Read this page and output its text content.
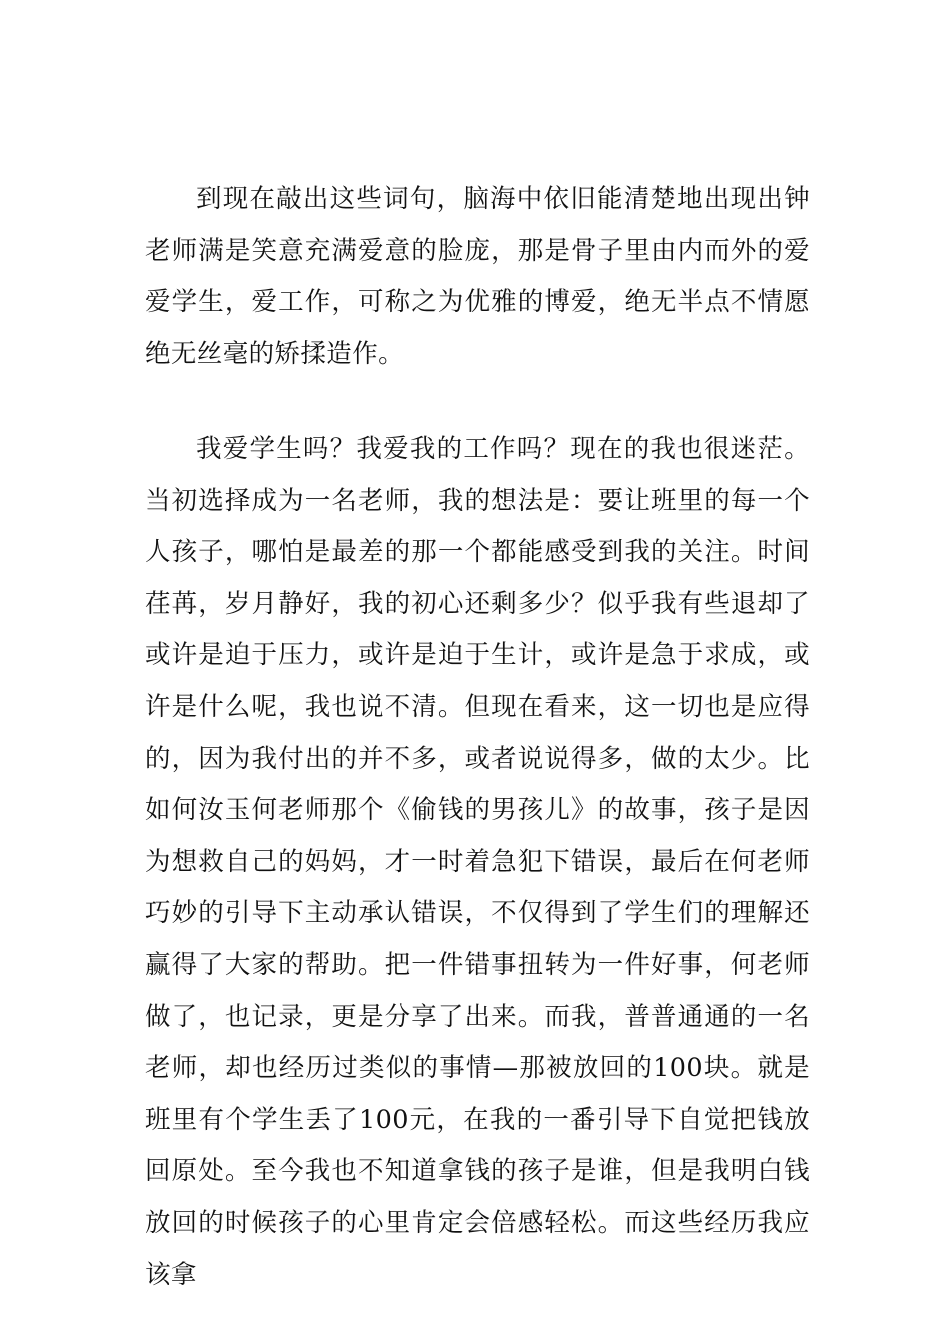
到现在敲出这些词句，脑海中依旧能清楚地出现出钟老师满是笑意充满爱意的脸庞，那是骨子里由内而外的爱爱学生，爱工作，可称之为优雅的博爱，绝无半点不情愿绝无丝毫的矫揉造作。

我爱学生吗？我爱我的工作吗？现在的我也很迷茫。当初选择成为一名老师，我的想法是：要让班里的每一个人孩子，哪怕是最差的那一个都能感受到我的关注。时间荏苒，岁月静好，我的初心还剩多少？似乎我有些退却了或许是迫于压力，或许是迫于生计，或许是急于求成，或许是什么呢，我也说不清。但现在看来，这一切也是应得的，因为我付出的并不多，或者说说得多，做的太少。比如何汝玉何老师那个《偷钱的男孩儿》的故事，孩子是因为想救自己的妈妈，才一时着急犯下错误，最后在何老师巧妙的引导下主动承认错误，不仅得到了学生们的理解还赢得了大家的帮助。把一件错事扭转为一件好事，何老师做了，也记录，更是分享了出来。而我，普普通通的一名老师，却也经历过类似的事情—那被放回的100块。就是班里有个学生丢了100元，在我的一番引导下自觉把钱放回原处。至今我也不知道拿钱的孩子是谁，但是我明白钱放回的时候孩子的心里肯定会倍感轻松。而这些经历我应该拿
